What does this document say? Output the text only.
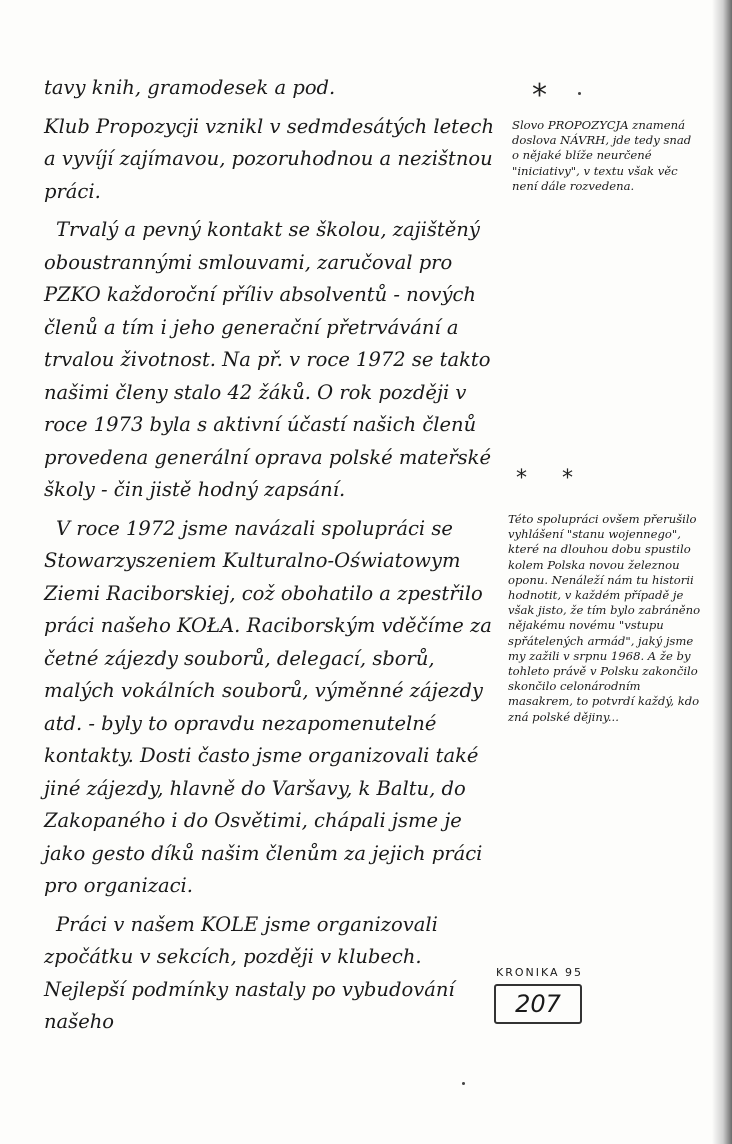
tavy knih, gramodesek a pod.

Klub Propozycji vznikl v sedmdesátých letech a vyvíjí zajímavou, pozoruhodnou a nezištnou práci.

Trvalý a pevný kontakt se školou, zajištěný oboustrannými smlouvami, zaručoval pro PZKO každoroční příliv absolventů - nových členů a tím i jeho generační přetrvávání a trvalou životnost. Na př. v roce 1972 se takto našimi členy stalo 42 žáků. O rok později v roce 1973 byla s aktivní účastí našich členů provedena generální oprava polské mateřské školy - čin jistě hodný zapsání.

V roce 1972 jsme navázali spolupráci se Stowarzyszeniem Kulturalno-Oświatowym Ziemi Raciborskiej, což obohatilo a zpestřilo práci našeho KOŁA. Raciborským vděčíme za četné zájezdy souborů, delegací, sborů, malých vokálních souborů, výměnné zájezdy atd. - byly to opravdu nezapomenutelné kontakty. Dosti často jsme organizovali také jiné zájezdy, hlavně do Varšavy, k Baltu, do Zakopaného i do Osvětimi, chápali jsme je jako gesto díků našim členům za jejich práci pro organizaci.

Práci v našem KOLE jsme organizovali zpočátku v sekcích, později v klubech. Nejlepší podmínky nastaly po vybudování našeho

*
Slovo PROPOZYCJA znamená doslova NÁVRH, jde tedy snad o nějaké blíže neurčené "iniciativy", v textu však věc není dále rozvedena.
* *
Této spolupráci ovšem přerušilo vyhlášení "stanu wojennego", které na dlouhou dobu spustilo kolem Polska novou železnou oponu. Nenáleží nám tu historii hodnotit, v každém případě je však jisto, že tím bylo zabráněno nějakému novému "vstupu spřátelených armád", jaký jsme my zažili v srpnu 1968. A že by tohleto právě v Polsku zakončilo skončilo celonárodním masakrem, to potvrdí každý, kdo zná polské dějiny...
KRONIKA 95
207
